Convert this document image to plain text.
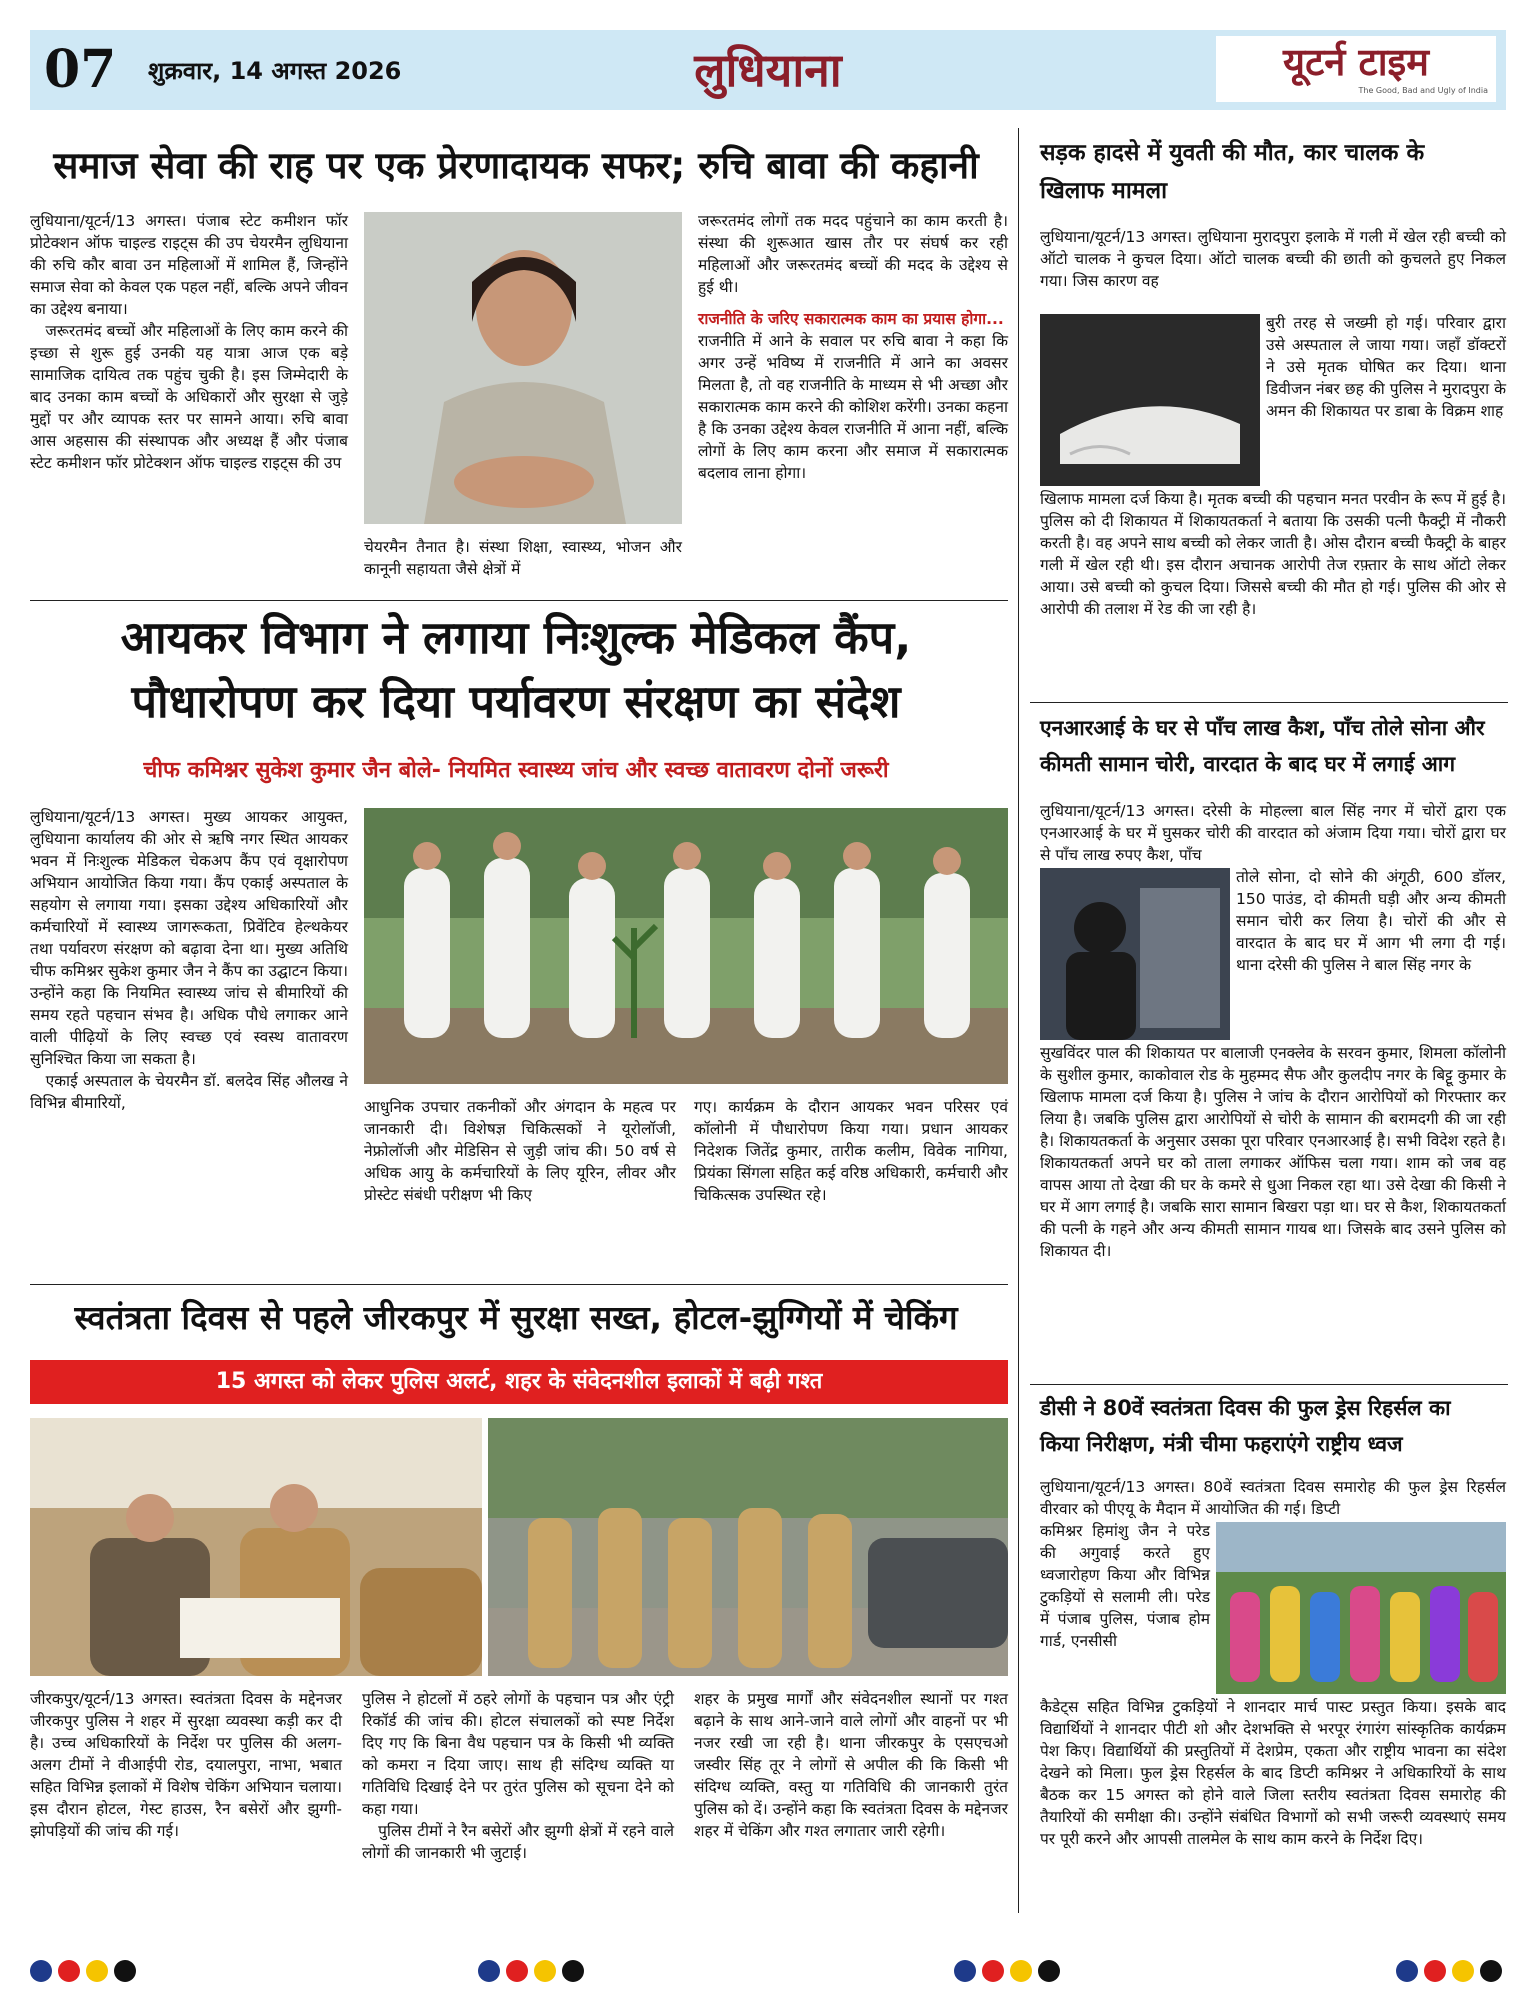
07 शुक्रवार, 14 अगस्त 2026	लुधियाना	यूटर्न टाइम
The Good, Bad and Ugly of India
समाज सेवा की राह पर एक प्रेरणादायक सफर; रुचि बावा की कहानी

लुधियाना/यूटर्न/13 अगस्त। पंजाब स्टेट कमीशन फॉर प्रोटेक्शन ऑफ चाइल्ड राइट्स की उप चेयरमैन लुधियाना की रुचि कौर बावा उन महिलाओं में शामिल हैं, जिन्होंने समाज सेवा को केवल एक पहल नहीं, बल्कि अपने जीवन का उद्देश्य बनाया।
जरूरतमंद बच्चों और महिलाओं के लिए काम करने की इच्छा से शुरू हुई उनकी यह यात्रा आज एक बड़े सामाजिक दायित्व तक पहुंच चुकी है। इस जिम्मेदारी के बाद उनका काम बच्चों के अधिकारों और सुरक्षा से जुड़े मुद्दों पर और व्यापक स्तर पर सामने आया। रुचि बावा आस अहसास की संस्थापक और अध्यक्ष हैं और पंजाब स्टेट कमीशन फॉर प्रोटेक्शन ऑफ चाइल्ड राइट्स की उप

चेयरमैन तैनात है। संस्था शिक्षा, स्वास्थ्य, भोजन और कानूनी सहायता जैसे क्षेत्रों में

जरूरतमंद लोगों तक मदद पहुंचाने का काम करती है। संस्था की शुरूआत खास तौर पर संघर्ष कर रही महिलाओं और जरूरतमंद बच्चों की मदद के उद्देश्य से हुई थी।

राजनीति के जरिए सकारात्मक काम का प्रयास होगा...

राजनीति में आने के सवाल पर रुचि बावा ने कहा कि अगर उन्हें भविष्य में राजनीति में आने का अवसर मिलता है, तो वह राजनीति के माध्यम से भी अच्छा और सकारात्मक काम करने की कोशिश करेंगी। उनका कहना है कि उनका उद्देश्य केवल राजनीति में आना नहीं, बल्कि लोगों के लिए काम करना और समाज में सकारात्मक बदलाव लाना होगा।

आयकर विभाग ने लगाया निःशुल्क मेडिकल कैंप,
पौधारोपण कर दिया पर्यावरण संरक्षण का संदेश
चीफ कमिश्नर सुकेश कुमार जैन बोले- नियमित स्वास्थ्य जांच और स्वच्छ वातावरण दोनों जरूरी

लुधियाना/यूटर्न/13 अगस्त। मुख्य आयकर आयुक्त, लुधियाना कार्यालय की ओर से ऋषि नगर स्थित आयकर भवन में निःशुल्क मेडिकल चेकअप कैंप एवं वृक्षारोपण अभियान आयोजित किया गया। कैंप एकाई अस्पताल के सहयोग से लगाया गया। इसका उद्देश्य अधिकारियों और कर्मचारियों में स्वास्थ्य जागरूकता, प्रिवेंटिव हेल्थकेयर तथा पर्यावरण संरक्षण को बढ़ावा देना था। मुख्य अतिथि चीफ कमिश्नर सुकेश कुमार जैन ने कैंप का उद्घाटन किया। उन्होंने कहा कि नियमित स्वास्थ्य जांच से बीमारियों की समय रहते पहचान संभव है। अधिक पौधे लगाकर आने वाली पीढ़ियों के लिए स्वच्छ एवं स्वस्थ वातावरण सुनिश्चित किया जा सकता है।
एकाई अस्पताल के चेयरमैन डॉ. बलदेव सिंह औलख ने विभिन्न बीमारियों,	आधुनिक उपचार तकनीकों और अंगदान के महत्व पर जानकारी दी। विशेषज्ञ चिकित्सकों ने यूरोलॉजी, नेफ्रोलॉजी और मेडिसिन से जुड़ी जांच की। 50 वर्ष से अधिक आयु के कर्मचारियों के लिए यूरिन, लीवर और प्रोस्टेट संबंधी परीक्षण भी किए

गए। कार्यक्रम के दौरान आयकर भवन परिसर एवं कॉलोनी में पौधारोपण किया गया। प्रधान आयकर निदेशक जितेंद्र कुमार, तारीक कलीम, विवेक नागिया, प्रियंका सिंगला सहित कई वरिष्ठ अधिकारी, कर्मचारी और चिकित्सक उपस्थित रहे।

स्वतंत्रता दिवस से पहले जीरकपुर में सुरक्षा सख्त, होटल-झुग्गियों में चेकिंग
15 अगस्त को लेकर पुलिस अलर्ट, शहर के संवेदनशील इलाकों में बढ़ी गश्त

जीरकपुर/यूटर्न/13 अगस्त। स्वतंत्रता दिवस के मद्देनजर जीरकपुर पुलिस ने शहर में सुरक्षा व्यवस्था कड़ी कर दी है। उच्च अधिकारियों के निर्देश पर पुलिस की अलग-अलग टीमों ने वीआईपी रोड, दयालपुरा, नाभा, भबात सहित विभिन्न इलाकों में विशेष चेकिंग अभियान चलाया। इस दौरान होटल, गेस्ट हाउस, रैन बसेरों और झुग्गी-झोपड़ियों की जांच की गई।

पुलिस ने होटलों में ठहरे लोगों के पहचान पत्र और एंट्री रिकॉर्ड की जांच की। होटल संचालकों को स्पष्ट निर्देश दिए गए कि बिना वैध पहचान पत्र के किसी भी व्यक्ति को कमरा न दिया जाए। साथ ही संदिग्ध व्यक्ति या गतिविधि दिखाई देने पर तुरंत पुलिस को सूचना देने को कहा गया।
पुलिस टीमों ने रैन बसेरों और झुग्गी क्षेत्रों में रहने वाले लोगों की जानकारी भी जुटाई।

शहर के प्रमुख मार्गों और संवेदनशील स्थानों पर गश्त बढ़ाने के साथ आने-जाने वाले लोगों और वाहनों पर भी नजर रखी जा रही है। थाना जीरकपुर के एसएचओ जस्वीर सिंह तूर ने लोगों से अपील की कि किसी भी संदिग्ध व्यक्ति, वस्तु या गतिविधि की जानकारी तुरंत पुलिस को दें। उन्होंने कहा कि स्वतंत्रता दिवस के मद्देनजर शहर में चेकिंग और गश्त लगातार जारी रहेगी।

सड़क हादसे में युवती की मौत, कार चालक के
खिलाफ मामला

लुधियाना/यूटर्न/13 अगस्त। लुधियाना मुरादपुरा इलाके में गली में खेल रही बच्ची को ऑटो चालक ने कुचल दिया। ऑटो चालक बच्ची की छाती को कुचलते हुए निकल गया। जिस कारण वह

बुरी तरह से जख्मी हो गई। परिवार द्वारा उसे अस्पताल ले जाया गया। जहाँ डॉक्टरों ने उसे मृतक घोषित कर दिया। थाना डिवीजन नंबर छह की पुलिस ने मुरादपुरा के अमन की शिकायत पर डाबा के विक्रम शाह

खिलाफ मामला दर्ज किया है। मृतक बच्ची की पहचान मनत परवीन के रूप में हुई है। पुलिस को दी शिकायत में शिकायतकर्ता ने बताया कि उसकी पत्नी फैक्ट्री में नौकरी करती है। वह अपने साथ बच्ची को लेकर जाती है। ओस दौरान बच्ची फैक्ट्री के बाहर गली में खेल रही थी। इस दौरान अचानक आरोपी तेज रफ़्तार के साथ ऑटो लेकर आया। उसे बच्ची को कुचल दिया। जिससे बच्ची की मौत हो गई। पुलिस की ओर से आरोपी की तलाश में रेड की जा रही है।

एनआरआई के घर से पाँच लाख कैश, पाँच तोले सोना और
कीमती सामान चोरी, वारदात के बाद घर में लगाई आग

लुधियाना/यूटर्न/13 अगस्त। दरेसी के मोहल्ला बाल सिंह नगर में चोरों द्वारा एक एनआरआई के घर में घुसकर चोरी की वारदात को अंजाम दिया गया। चोरों द्वारा घर से पाँच लाख रुपए कैश, पाँच

तोले सोना, दो सोने की अंगूठी, 600 डॉलर, 150 पाउंड, दो कीमती घड़ी और अन्य कीमती समान चोरी कर लिया है। चोरों की और से वारदात के बाद घर में आग भी लगा दी गई। थाना दरेसी की पुलिस ने बाल सिंह नगर के

सुखविंदर पाल की शिकायत पर बालाजी एनक्लेव के सरवन कुमार, शिमला कॉलोनी के सुशील कुमार, काकोवाल रोड के मुहम्मद सैफ और कुलदीप नगर के बिट्टू कुमार के खिलाफ मामला दर्ज किया है। पुलिस ने जांच के दौरान आरोपियों को गिरफ्तार कर लिया है। जबकि पुलिस द्वारा आरोपियों से चोरी के सामान की बरामदगी की जा रही है। शिकायतकर्ता के अनुसार उसका पूरा परिवार एनआरआई है। सभी विदेश रहते है। शिकायतकर्ता अपने घर को ताला लगाकर ऑफिस चला गया। शाम को जब वह वापस आया तो देखा की घर के कमरे से धुआ निकल रहा था। उसे देखा की किसी ने घर में आग लगाई है। जबकि सारा सामान बिखरा पड़ा था। घर से कैश, शिकायतकर्ता की पत्नी के गहने और अन्य कीमती सामान गायब था। जिसके बाद उसने पुलिस को शिकायत दी।

डीसी ने 80वें स्वतंत्रता दिवस की फुल ड्रेस रिहर्सल का
किया निरीक्षण, मंत्री चीमा फहराएंगे राष्ट्रीय ध्वज

लुधियाना/यूटर्न/13 अगस्त। 80वें स्वतंत्रता दिवस समारोह की फुल ड्रेस रिहर्सल वीरवार को पीएयू के मैदान में आयोजित की गई। डिप्टी

कमिश्नर हिमांशु जैन ने परेड की अगुवाई करते हुए ध्वजारोहण किया और विभिन्न टुकड़ियों से सलामी ली। परेड में पंजाब पुलिस, पंजाब होम गार्ड, एनसीसी

कैडेट्स सहित विभिन्न टुकड़ियों ने शानदार मार्च पास्ट प्रस्तुत किया। इसके बाद विद्यार्थियों ने शानदार पीटी शो और देशभक्ति से भरपूर रंगारंग सांस्कृतिक कार्यक्रम पेश किए। विद्यार्थियों की प्रस्तुतियों में देशप्रेम, एकता और राष्ट्रीय भावना का संदेश देखने को मिला। फुल ड्रेस रिहर्सल के बाद डिप्टी कमिश्नर ने अधिकारियों के साथ बैठक कर 15 अगस्त को होने वाले जिला स्तरीय स्वतंत्रता दिवस समारोह की तैयारियों की समीक्षा की। उन्होंने संबंधित विभागों को सभी जरूरी व्यवस्थाएं समय पर पूरी करने और आपसी तालमेल के साथ काम करने के निर्देश दिए।
